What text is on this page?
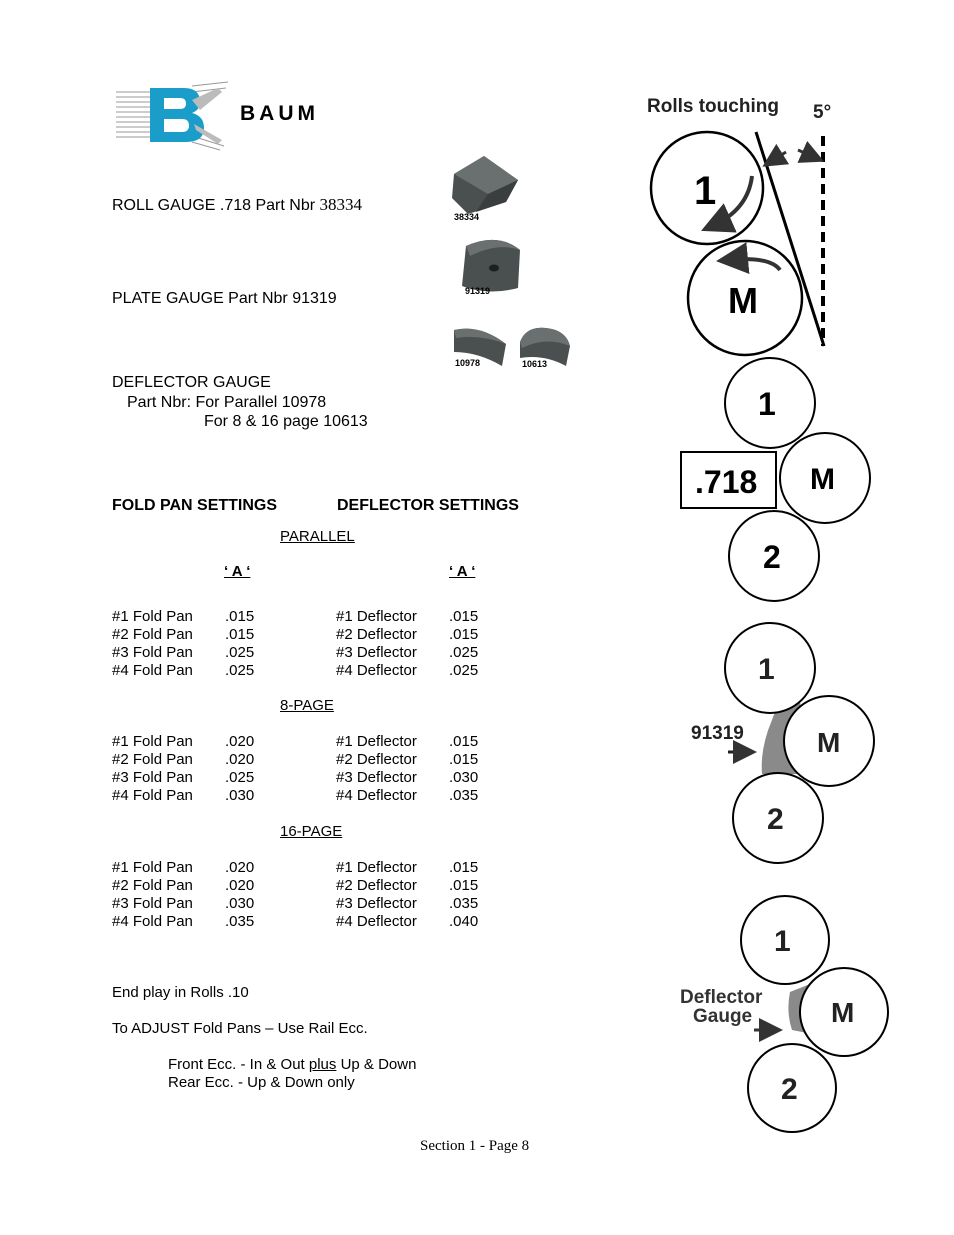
BAUM
ROLL GAUGE .718 Part Nbr 38334
PLATE GAUGE Part Nbr 91319
DEFLECTOR GAUGE
Part Nbr: For Parallel 10978
For 8 & 16 page 10613
38334
91319
10978	10613
FOLD PAN SETTINGS	DEFLECTOR SETTINGS
PARALLEL
‘ A ‘	‘ A ‘
#1 Fold Pan .015	#1 Deflector .015
#2 Fold Pan .015	#2 Deflector .015
#3 Fold Pan .025	#3 Deflector .025
#4 Fold Pan .025	#4 Deflector .025
8-PAGE
#1 Fold Pan .020	#1 Deflector .015
#2 Fold Pan .020	#2 Deflector .015
#3 Fold Pan .025	#3 Deflector .030
#4 Fold Pan .030	#4 Deflector .035
16-PAGE
#1 Fold Pan .020	#1 Deflector .015
#2 Fold Pan .020	#2 Deflector .015
#3 Fold Pan .030	#3 Deflector .035
#4 Fold Pan .035	#4 Deflector .040
End play in Rolls .10
To ADJUST Fold Pans – Use Rail Ecc.
Front Ecc. - In & Out plus Up & Down
Rear Ecc. - Up & Down only
Section 1 - Page 8
Rolls touching 5°
1
M
1
M
2
.718
1
M
2
91319
1
M
2
Deflector
Gauge
